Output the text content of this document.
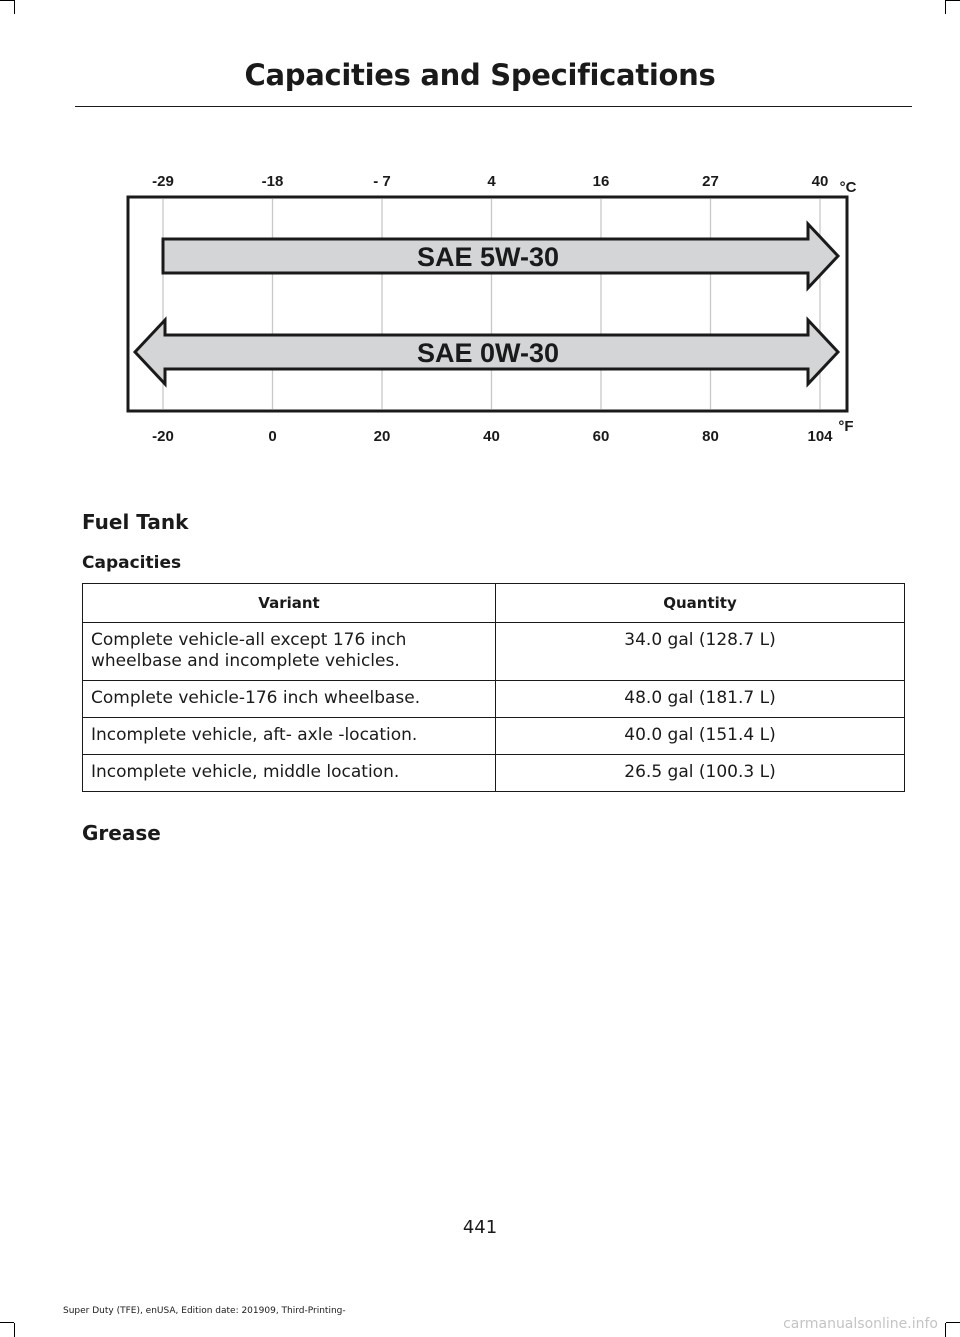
Capacities and Specifications
SAE 5W-30
SAE 0W-30
-29	-18	- 7	4	16	27	40 °C
-20	0	20	40	60	80	104
°F
Fuel Tank
Capacities
Variant	Quantity
Complete vehicle-all except 176 inch wheelbase and incomplete vehicles.	34.0 gal (128.7 L)
Complete vehicle-176 inch wheelbase.	48.0 gal (181.7 L)
Incomplete vehicle, aft- axle -location.	40.0 gal (151.4 L)
Incomplete vehicle, middle location.	26.5 gal (100.3 L)
Grease

441

Super Duty (TFE), enUSA, Edition date: 201909, Third-Printing-

carmanualsonline.info
